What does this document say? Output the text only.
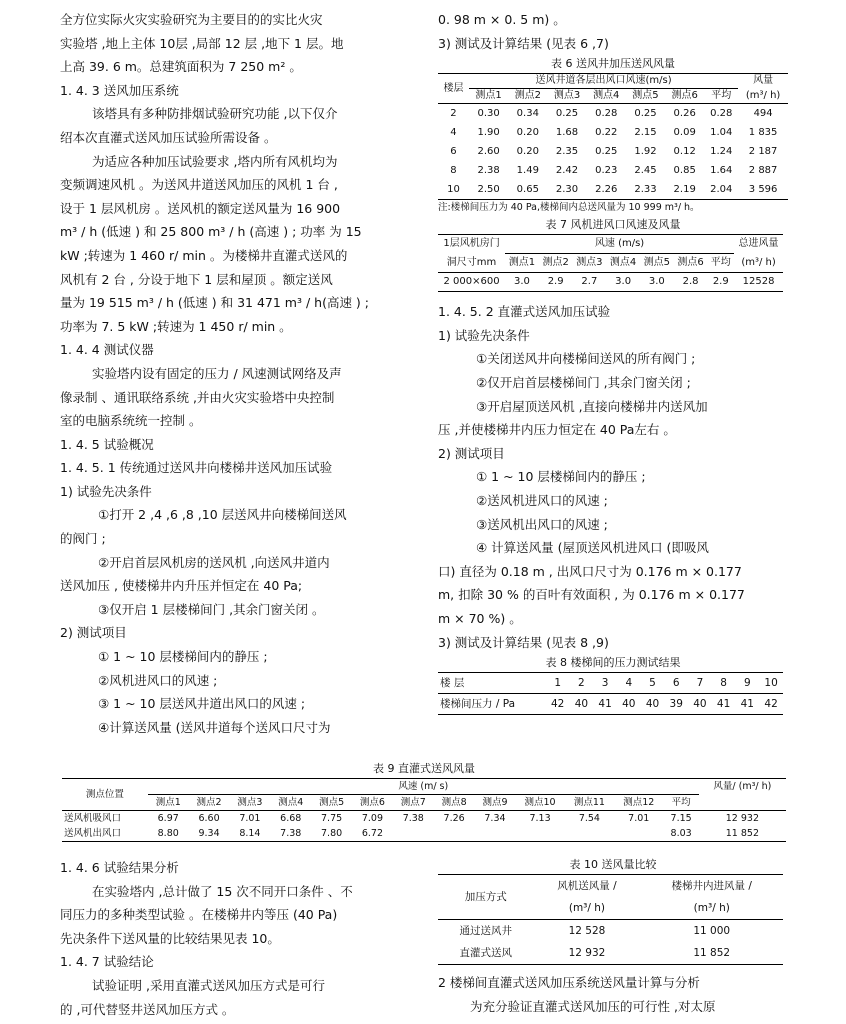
全方位实际火灾实验研究为主要目的的实比火灾
实验塔 ,地上主体 10层 ,局部 12 层 ,地下 1 层。地
上高 39. 6 m。总建筑面积为 7 250 m² 。
1. 4. 3 送风加压系统
该塔具有多种防排烟试验研究功能 ,以下仅介
绍本次直灌式送风加压试验所需设备 。
为适应各种加压试验要求 ,塔内所有风机均为
变频调速风机 。为送风井道送风加压的风机 1 台 ,
设于 1 层风机房 。送风机的额定送风量为 16 900
m³ / h (低速 ) 和 25 800 m³ / h (高速 ) ; 功率 为 15
kW ;转速为 1 460 r/ min 。为楼梯井直灌式送风的
风机有 2 台 , 分设于地下 1 层和屋顶 。额定送风
量为 19 515 m³ / h (低速 ) 和 31 471 m³ / h(高速 ) ;
功率为 7. 5 kW ;转速为 1 450 r/ min 。
1. 4. 4 测试仪器
实验塔内设有固定的压力 / 风速测试网络及声
像录制 、通讯联络系统 ,并由火灾实验塔中央控制
室的电脑系统统一控制 。
1. 4. 5 试验概况
1. 4. 5. 1 传统通过送风井向楼梯井送风加压试验
1) 试验先决条件
①打开 2 ,4 ,6 ,8 ,10 层送风井向楼梯间送风
的阀门 ;
②开启首层风机房的送风机 ,向送风井道内
送风加压 , 使楼梯井内升压并恒定在 40 Pa;
③仅开启 1 层楼梯间门 ,其余门窗关闭 。
2) 测试项目
① 1 ~ 10 层楼梯间内的静压 ;
②风机进风口的风速 ;
③ 1 ~ 10 层送风井道出风口的风速 ;
④计算送风量 (送风井道每个送风口尺寸为
0. 98 m × 0. 5 m) 。
3) 测试及计算结果 (见表 6 ,7)
表 6 送风井加压送风风量
楼层	送风井道各层出风口风速(m/s)							风量
	测点1	测点2	测点3	测点4	测点5	测点6	平均	(m³/ h)
2	0.30	0.34	0.25	0.28	0.25	0.26	0.28	494
4	1.90	0.20	1.68	0.22	2.15	0.09	1.04	1 835
6	2.60	0.20	2.35	0.25	1.92	0.12	1.24	2 187
8	2.38	1.49	2.42	0.23	2.45	0.85	1.64	2 887
10	2.50	0.65	2.30	2.26	2.33	2.19	2.04	3 596
注:楼梯间压力为 40 Pa,楼梯间内总送风量为 10 999 m³/ h。
表 7 风机进风口风速及风量
1层风机房门	风速 (m/s)							总进风量
洞尺寸mm	测点1	测点2	测点3	测点4	测点5	测点6	平均	(m³/ h)
2 000×600	3.0	2.9	2.7	3.0	3.0	2.8	2.9	12528
1. 4. 5. 2 直灌式送风加压试验
1) 试验先决条件
①关闭送风井向楼梯间送风的所有阀门 ;
②仅开启首层楼梯间门 ,其余门窗关闭 ;
③开启屋顶送风机 ,直接向楼梯井内送风加
压 ,并使楼梯井内压力恒定在 40 Pa左右 。
2) 测试项目
① 1 ~ 10 层楼梯间内的静压 ;
②送风机进风口的风速 ;
③送风机出风口的风速 ;
④ 计算送风量 (屋顶送风机进风口 (即吸风
口) 直径为 0.18 m , 出风口尺寸为 0.176 m × 0.177
m, 扣除 30 % 的百叶有效面积 , 为 0.176 m × 0.177
m × 70 %) 。
3) 测试及计算结果 (见表 8 ,9)
表 8 楼梯间的压力测试结果
楼 层	1	2	3	4	5	6	7	8	9	10
楼梯间压力 / Pa	42	40	41	40	40	39	40	41	41	42
表 9 直灌式送风风量
测点位置	风速 (m/ s)													风量/ (m³/ h)
	测点1	测点2	测点3	测点4	测点5	测点6	测点7	测点8	测点9	测点10	测点11	测点12	平均	
送风机吸风口	6.97	6.60	7.01	6.68	7.75	7.09	7.38	7.26	7.34	7.13	7.54	7.01	7.15	12 932
送风机出风口	8.80	9.34	8.14	7.38	7.80	6.72							8.03	11 852
1. 4. 6 试验结果分析
在实验塔内 ,总计做了 15 次不同开口条件 、不
同压力的多种类型试验 。在楼梯井内等压 (40 Pa)
先决条件下送风量的比较结果见表 10。
1. 4. 7 试验结论
试验证明 ,采用直灌式送风加压方式是可行
的 ,可代替竖井送风加压方式 。
表 10 送风量比较
加压方式	风机送风量 /	楼梯井内进风量 /
	(m³/ h)	(m³/ h)
通过送风井	12 528	11 000
直灌式送风	12 932	11 852
2 楼梯间直灌式送风加压系统送风量计算与分析
为充分验证直灌式送风加压的可行性 ,对太原
